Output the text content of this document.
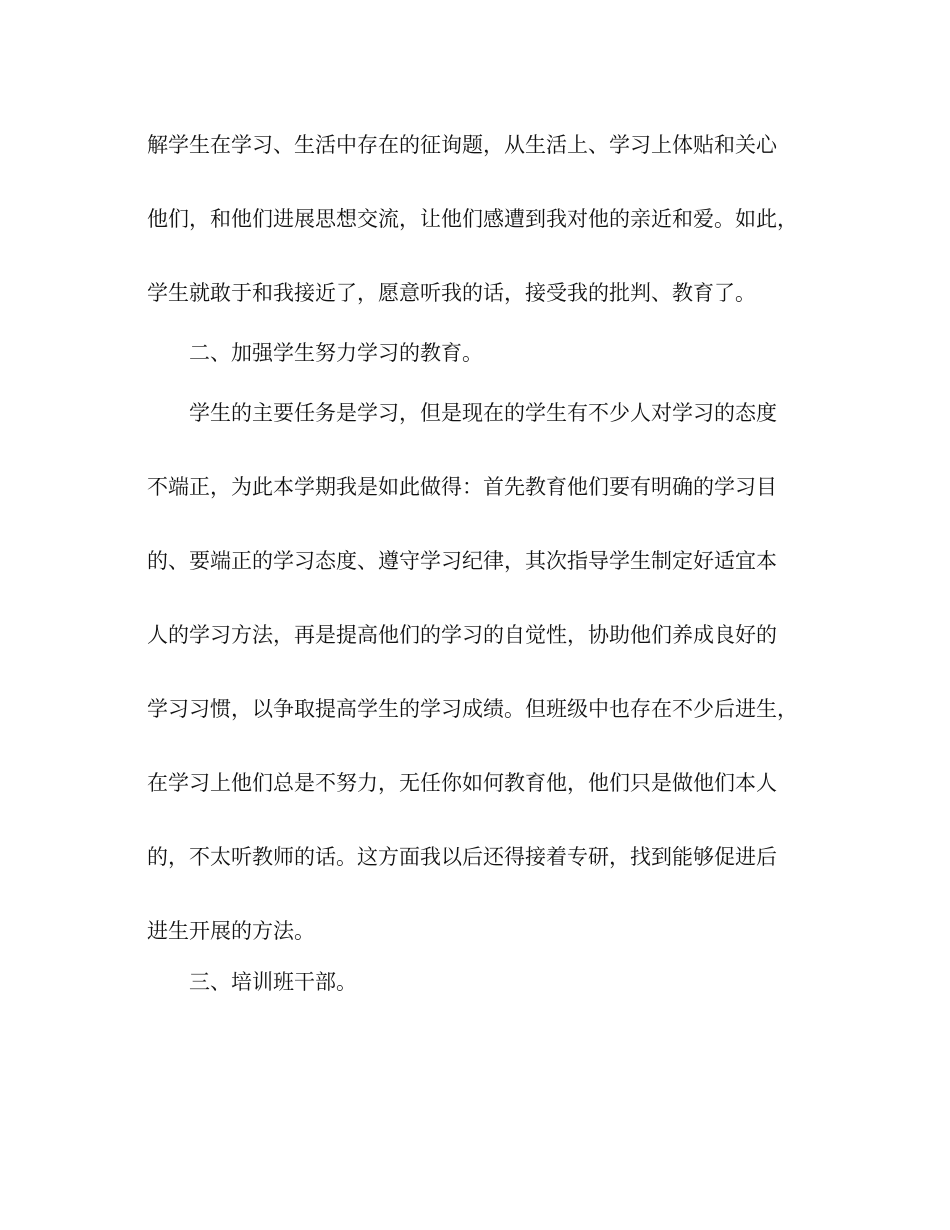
解学生在学习、生活中存在的征询题，从生活上、学习上体贴和关心
他们，和他们进展思想交流，让他们感遭到我对他的亲近和爱。如此，
学生就敢于和我接近了，愿意听我的话，接受我的批判、教育了。
二、加强学生努力学习的教育。
学生的主要任务是学习，但是现在的学生有不少人对学习的态度
不端正，为此本学期我是如此做得：首先教育他们要有明确的学习目
的、要端正的学习态度、遵守学习纪律，其次指导学生制定好适宜本
人的学习方法，再是提高他们的学习的自觉性，协助他们养成良好的
学习习惯，以争取提高学生的学习成绩。但班级中也存在不少后进生，
在学习上他们总是不努力，无任你如何教育他，他们只是做他们本人
的，不太听教师的话。这方面我以后还得接着专研，找到能够促进后
进生开展的方法。
三、培训班干部。
